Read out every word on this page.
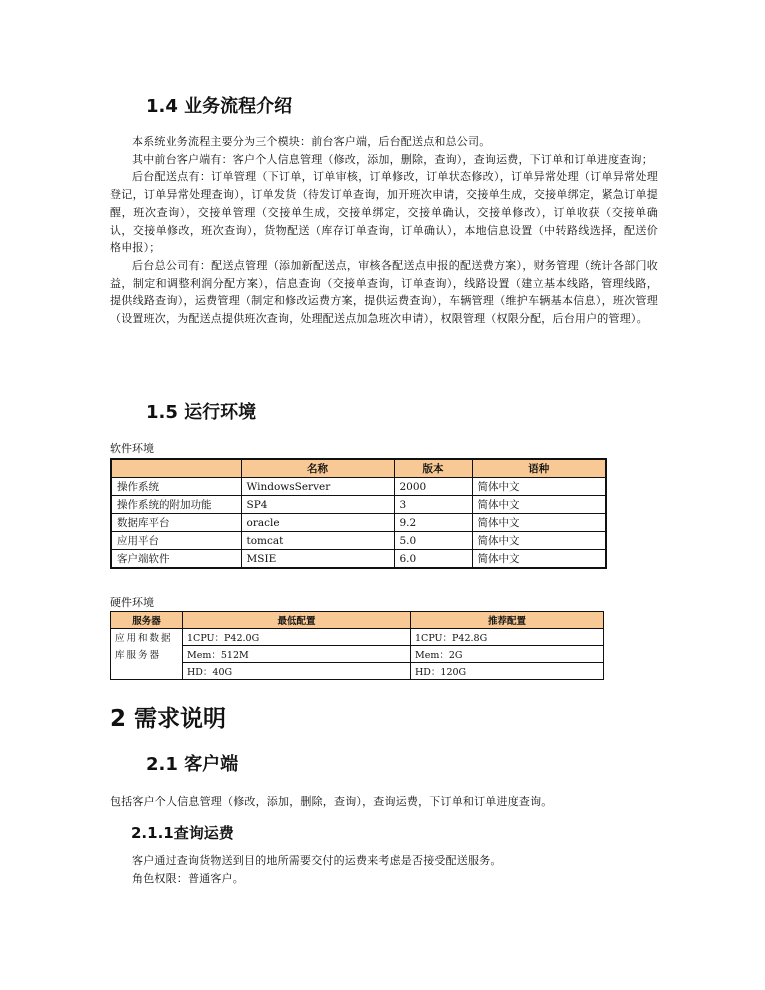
1.4 业务流程介绍

本系统业务流程主要分为三个模块：前台客户端，后台配送点和总公司。

其中前台客户端有：客户个人信息管理（修改，添加，删除，查询），查询运费，下订单和订单进度查询；

后台配送点有：订单管理（下订单，订单审核，订单修改，订单状态修改），订单异常处理（订单异常处理登记，订单异常处理查询），订单发货（待发订单查询，加开班次申请，交接单生成，交接单绑定，紧急订单提醒，班次查询），交接单管理（交接单生成，交接单绑定，交接单确认，交接单修改），订单收获（交接单确认，交接单修改，班次查询），货物配送（库存订单查询，订单确认），本地信息设置（中转路线选择，配送价格申报）；

后台总公司有：配送点管理（添加新配送点，审核各配送点申报的配送费方案），财务管理（统计各部门收益，制定和调整利润分配方案），信息查询（交接单查询，订单查询），线路设置（建立基本线路，管理线路，提供线路查询），运费管理（制定和修改运费方案，提供运费查询），车辆管理（维护车辆基本信息），班次管理（设置班次，为配送点提供班次查询，处理配送点加急班次申请），权限管理（权限分配，后台用户的管理）。

1.5 运行环境
软件环境
	名称	版本	语种
操作系统	WindowsServer	2000	简体中文
操作系统的附加功能	SP4	3	简体中文
数据库平台	oracle	9.2	简体中文
应用平台	tomcat	5.0	简体中文
客户端软件	MSIE	6.0	简体中文
硬件环境
服务器	最低配置	推荐配置
应用和数据库服务器	1CPU：P42.0G	1CPU：P42.8G
	Mem：512M	Mem：2G
	HD：40G	HD：120G
2 需求说明
2.1 客户端

包括客户个人信息管理（修改，添加，删除，查询），查询运费，下订单和订单进度查询。

2.1.1查询运费

客户通过查询货物送到目的地所需要交付的运费来考虑是否接受配送服务。

角色权限：普通客户。
